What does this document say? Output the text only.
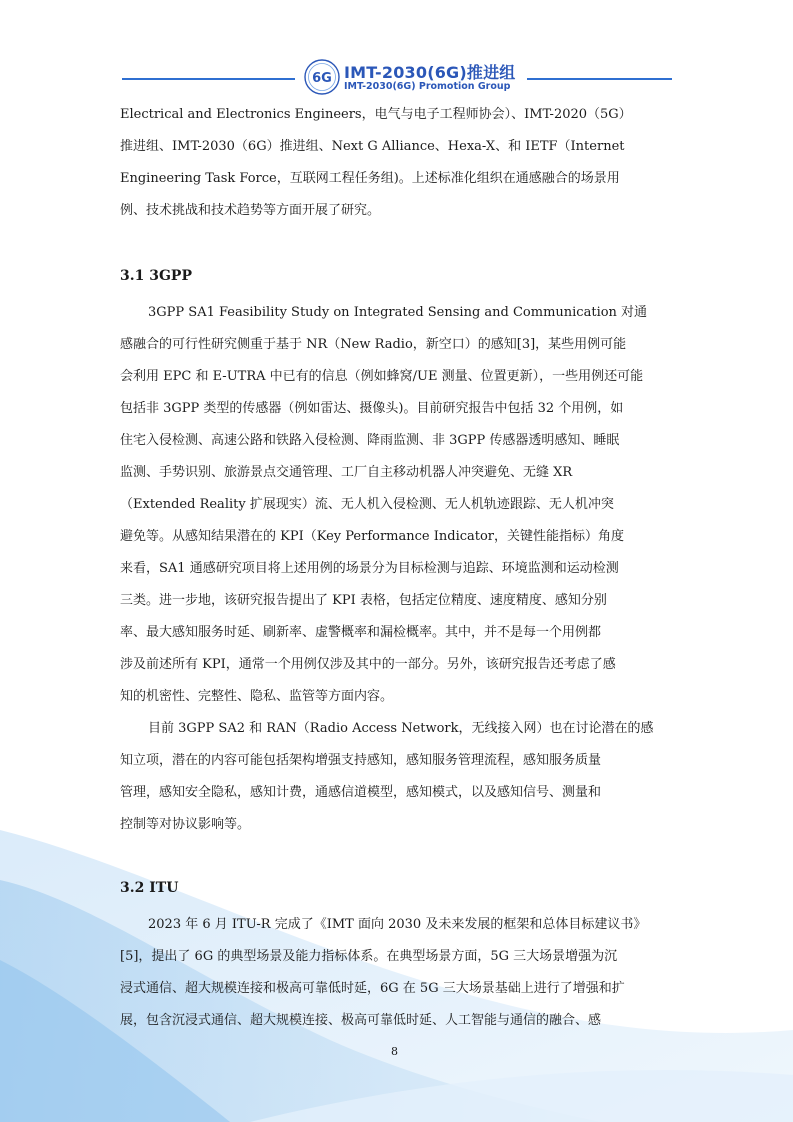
6G IMT-2030(6G)推进组
IMT-2030(6G) Promotion Group
Electrical and Electronics Engineers，电气与电子工程师协会）、IMT-2020（5G）
推进组、IMT-2030（6G）推进组、Next G Alliance、Hexa-X、和 IETF（Internet
Engineering Task Force，互联网工程任务组)。上述标准化组织在通感融合的场景用
例、技术挑战和技术趋势等方面开展了研究。
3.1 3GPP
3GPP SA1 Feasibility Study on Integrated Sensing and Communication 对通
感融合的可行性研究侧重于基于 NR（New Radio，新空口）的感知[3]，某些用例可能
会利用 EPC 和 E-UTRA 中已有的信息（例如蜂窝/UE 测量、位置更新），一些用例还可能
包括非 3GPP 类型的传感器（例如雷达、摄像头)。目前研究报告中包括 32 个用例，如
住宅入侵检测、高速公路和铁路入侵检测、降雨监测、非 3GPP 传感器透明感知、睡眠
监测、手势识别、旅游景点交通管理、工厂自主移动机器人冲突避免、无缝 XR
（Extended Reality 扩展现实）流、无人机入侵检测、无人机轨迹跟踪、无人机冲突
避免等。从感知结果潜在的 KPI（Key Performance Indicator，关键性能指标）角度
来看，SA1 通感研究项目将上述用例的场景分为目标检测与追踪、环境监测和运动检测
三类。进一步地，该研究报告提出了 KPI 表格，包括定位精度、速度精度、感知分别
率、最大感知服务时延、刷新率、虚警概率和漏检概率。其中，并不是每一个用例都
涉及前述所有 KPI，通常一个用例仅涉及其中的一部分。另外，该研究报告还考虑了感
知的机密性、完整性、隐私、监管等方面内容。
目前 3GPP SA2 和 RAN（Radio Access Network，无线接入网）也在讨论潜在的感
知立项，潜在的内容可能包括架构增强支持感知，感知服务管理流程，感知服务质量
管理，感知安全隐私，感知计费，通感信道模型，感知模式，以及感知信号、测量和
控制等对协议影响等。
3.2 ITU
2023 年 6 月 ITU-R 完成了《IMT 面向 2030 及未来发展的框架和总体目标建议书》
[5]，提出了 6G 的典型场景及能力指标体系。在典型场景方面，5G 三大场景增强为沉
浸式通信、超大规模连接和极高可靠低时延，6G 在 5G 三大场景基础上进行了增强和扩
展，包含沉浸式通信、超大规模连接、极高可靠低时延、人工智能与通信的融合、感
8
